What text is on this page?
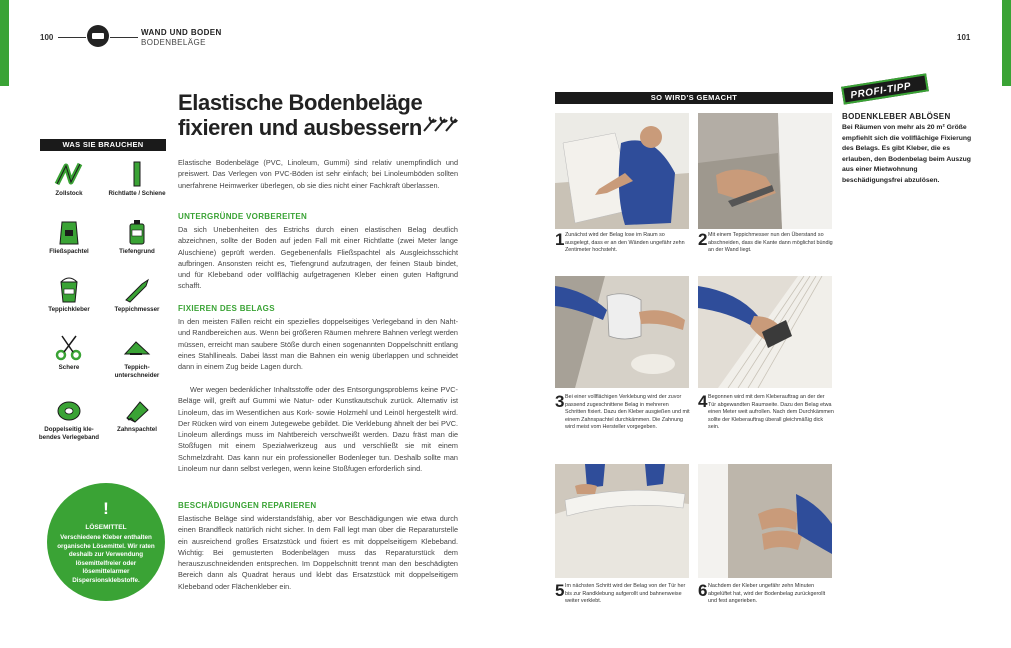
100
WAND UND BODEN
BODENBELÄGE
101
Elastische Bodenbeläge
fixieren und ausbessern
WAS SIE BRAUCHEN
Zollstock	Richtlatte / Schiene
Fließspachtel	Tiefengrund
Teppichkleber	Teppichmesser
Schere	Teppich-
unterschneider
Doppelseitig kle-
bendes Verlegeband
Zahnspachtel
Elastische Bodenbeläge (PVC, Linoleum, Gummi) sind relativ unempfindlich und preiswert. Das Verlegen von PVC-Böden ist sehr einfach; bei Linoleumböden sollten unerfahrene Heimwerker überlegen, ob sie dies nicht einer Fachkraft überlassen.
UNTERGRÜNDE VORBEREITEN
Da sich Unebenheiten des Estrichs durch einen elastischen Belag deutlich abzeichnen, sollte der Boden auf jeden Fall mit einer Richtlatte (zwei Meter lange Aluschiene) geprüft werden. Gegebenenfalls Fließspachtel als Ausgleichsschicht aufbringen. Ansonsten reicht es, Tiefengrund aufzutragen, der feinen Staub bindet, und für Klebeband oder vollflächig aufgetragenen Kleber einen guten Haftgrund schafft.
FIXIEREN DES BELAGS
In den meisten Fällen reicht ein spezielles doppelseitiges Verlegeband in den Naht- und Randbereichen aus. Wenn bei größeren Räumen mehrere Bahnen verlegt werden müssen, erreicht man saubere Stöße durch einen sogenannten Doppelschnitt entlang eines Stahllineals. Dabei lässt man die Bahnen ein wenig überlappen und schneidet dann in einem Zug beide Lagen durch.
Wer wegen bedenklicher Inhaltsstoffe oder des Entsorgungsproblems keine PVC-Beläge will, greift auf Gummi wie Natur- oder Kunstkautschuk zurück. Alternativ ist Linoleum, das im Wesentlichen aus Kork- sowie Holzmehl und Leinöl hergestellt wird. Der Rücken wird von einem Jutegewebe gebildet. Die Verklebung ähnelt der bei PVC. Linoleum allerdings muss im Nahtbereich verschweißt werden. Dazu fräst man die Stoßfugen mit einem Spezialwerkzeug aus und verschließt sie mit einem Schmelzdraht. Das kann nur ein professioneller Bodenleger tun. Deshalb sollte man Linoleum nur dann selbst verlegen, wenn keine Stoßfugen erforderlich sind.
BESCHÄDIGUNGEN REPARIEREN
Elastische Beläge sind widerstandsfähig, aber vor Beschädigungen wie etwa durch einen Brandfleck natürlich nicht sicher. In dem Fall legt man über die Reparaturstelle ein ausreichend großes Ersatzstück und fixiert es mit doppelseitigem Klebeband. Wichtig: Bei gemusterten Bodenbelägen muss das Reparaturstück dem herauszuschneidenden entsprechen. Im Doppelschnitt trennt man den beschädigten Bereich dann als Quadrat heraus und klebt das Ersatzstück mit doppelseitigem Klebeband oder Flächenkleber ein.
!
LÖSEMITTEL
Verschiedene Kleber enthalten organische Lösemittel. Wir raten deshalb zur Verwendung lösemittelfreier oder lösemittelarmer Dispersionsklebstoffe.
SO WIRD'S GEMACHT
1 Zunächst wird der Belag lose im Raum so ausgelegt, dass er an den Wänden ungefähr zehn Zentimeter hochsteht.
2 Mit einem Teppichmesser nun den Überstand so abschneiden, dass die Kante dann möglichst bündig an der Wand liegt.
3 Bei einer vollflächigen Verklebung wird der zuvor passend zugeschnittene Belag in mehreren Schritten fixiert. Dazu den Kleber ausgießen und mit einem Zahnspachtel durchkämmen. Die Zahnung wird meist vom Hersteller vorgegeben.
4 Begonnen wird mit dem Kleberauftrag an der der Tür abgewandten Raumseite. Dazu den Belag etwa einen Meter weit aufrollen. Nach dem Durchkämmen sollte der Kleberauftrag überall gleichmäßig dick sein.
5 Im nächsten Schritt wird der Belag von der Tür her bis zur Randklebung aufgerollt und bahnenweise weiter verklebt.
6 Nachdem der Kleber ungefähr zehn Minuten abgelüftet hat, wird der Bodenbelag zurückgerollt und fest angerieben.
PROFI-TIPP
BODENKLEBER ABLÖSEN
Bei Räumen von mehr als 20 m² Größe empfiehlt sich die vollflächige Fixierung des Belags. Es gibt Kleber, die es erlauben, den Bodenbelag beim Auszug aus einer Mietwohnung beschädigungsfrei abzulösen.
